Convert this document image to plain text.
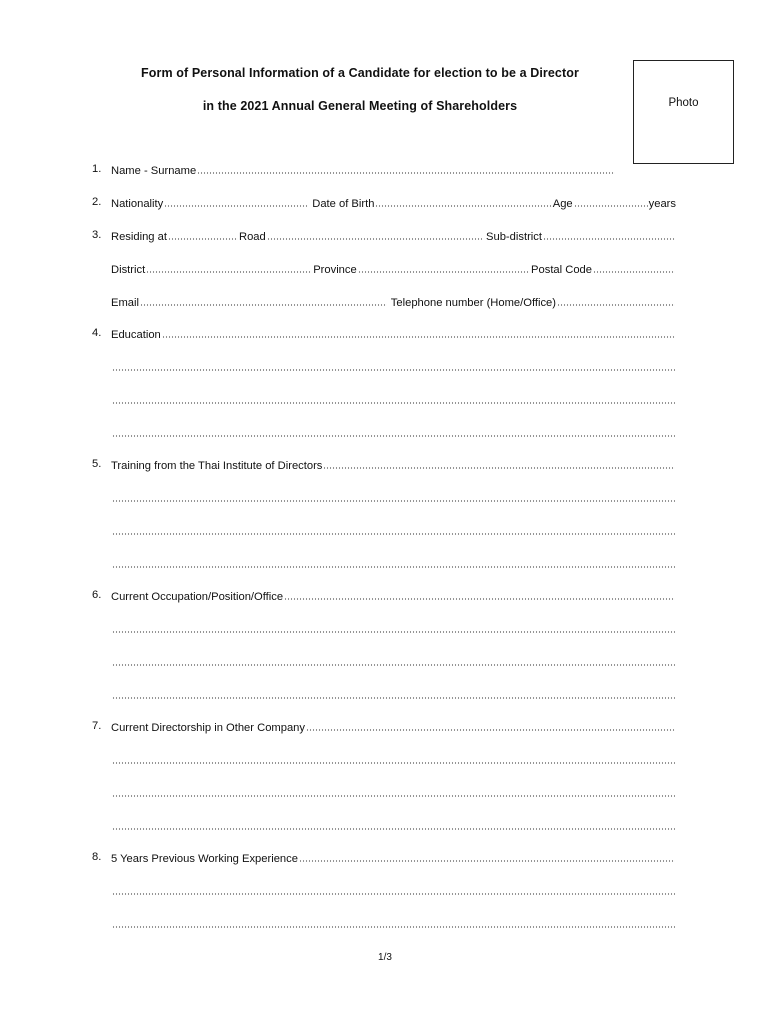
Form of Personal Information of a Candidate for election to be a Director
in the 2021 Annual General Meeting of Shareholders	Photo
1. Name - Surname
2. Nationality	Date of Birth	Age	years
3. Residing at	Road	Sub-district
District	Province	Postal Code
Email	Telephone number (Home/Office)
4. Education
5. Training from the Thai Institute of Directors
6. Current Occupation/Position/Office
7. Current Directorship in Other Company
8. 5 Years Previous Working Experience
1/3
